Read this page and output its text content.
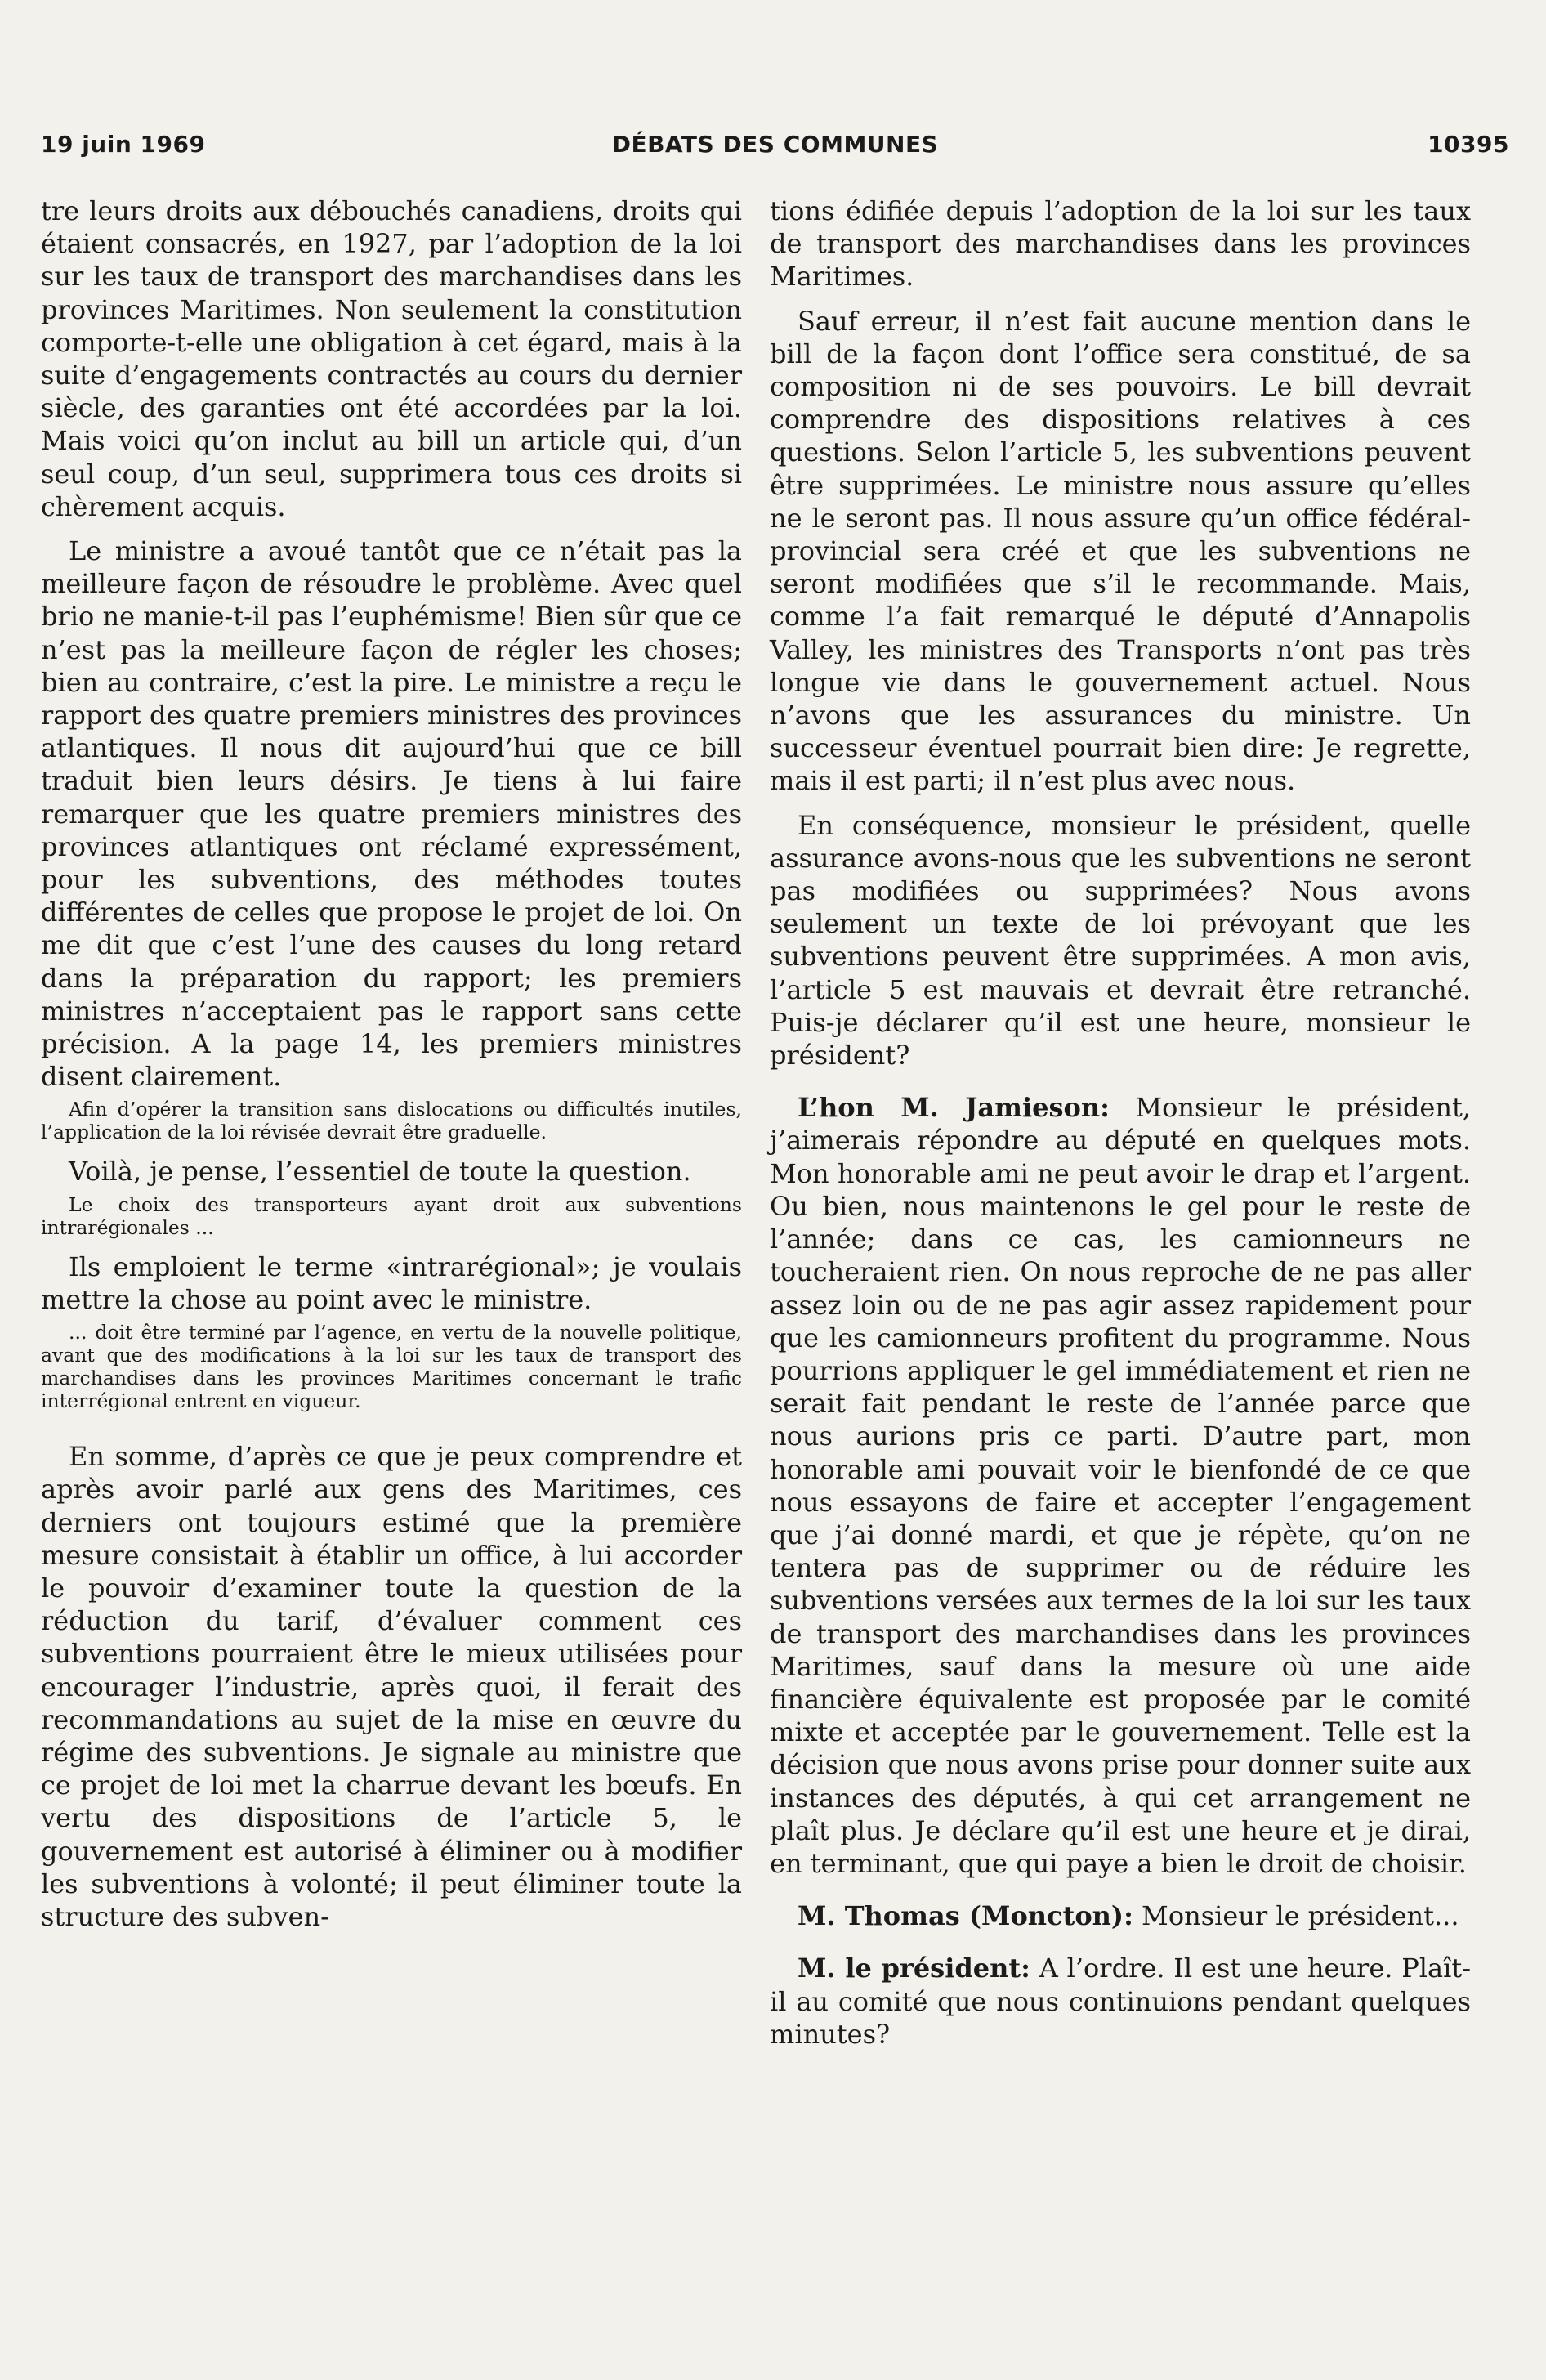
19 juin 1969	DÉBATS DES COMMUNES	10395

tre leurs droits aux débouchés canadiens, droits qui étaient consacrés, en 1927, par l’adoption de la loi sur les taux de transport des marchandises dans les provinces Maritimes. Non seulement la constitution comporte-t-elle une obligation à cet égard, mais à la suite d’engagements contractés au cours du dernier siècle, des garanties ont été accordées par la loi. Mais voici qu’on inclut au bill un article qui, d’un seul coup, d’un seul, supprimera tous ces droits si chèrement acquis.

Le ministre a avoué tantôt que ce n’était pas la meilleure façon de résoudre le problème. Avec quel brio ne manie-t-il pas l’euphémisme! Bien sûr que ce n’est pas la meilleure façon de régler les choses; bien au contraire, c’est la pire. Le ministre a reçu le rapport des quatre premiers ministres des provinces atlantiques. Il nous dit aujourd’hui que ce bill traduit bien leurs désirs. Je tiens à lui faire remarquer que les quatre premiers ministres des provinces atlantiques ont réclamé expressément, pour les subventions, des méthodes toutes différentes de celles que propose le projet de loi. On me dit que c’est l’une des causes du long retard dans la préparation du rapport; les premiers ministres n’acceptaient pas le rapport sans cette précision. A la page 14, les premiers ministres disent clairement.

Afin d’opérer la transition sans dislocations ou difficultés inutiles, l’application de la loi révisée devrait être graduelle.

Voilà, je pense, l’essentiel de toute la question.

Le choix des transporteurs ayant droit aux subventions intrarégionales ...

Ils emploient le terme «intrarégional»; je voulais mettre la chose au point avec le ministre.

... doit être terminé par l’agence, en vertu de la nouvelle politique, avant que des modifications à la loi sur les taux de transport des marchandises dans les provinces Maritimes concernant le trafic interrégional entrent en vigueur.

En somme, d’après ce que je peux comprendre et après avoir parlé aux gens des Maritimes, ces derniers ont toujours estimé que la première mesure consistait à établir un office, à lui accorder le pouvoir d’examiner toute la question de la réduction du tarif, d’évaluer comment ces subventions pourraient être le mieux utilisées pour encourager l’industrie, après quoi, il ferait des recommandations au sujet de la mise en œuvre du régime des subventions. Je signale au ministre que ce projet de loi met la charrue devant les bœufs. En vertu des dispositions de l’article 5, le gouvernement est autorisé à éliminer ou à modifier les subventions à volonté; il peut éliminer toute la structure des subven-

tions édifiée depuis l’adoption de la loi sur les taux de transport des marchandises dans les provinces Maritimes.

Sauf erreur, il n’est fait aucune mention dans le bill de la façon dont l’office sera constitué, de sa composition ni de ses pouvoirs. Le bill devrait comprendre des dispositions relatives à ces questions. Selon l’article 5, les subventions peuvent être supprimées. Le ministre nous assure qu’elles ne le seront pas. Il nous assure qu’un office fédéral-provincial sera créé et que les subventions ne seront modifiées que s’il le recommande. Mais, comme l’a fait remarqué le député d’Annapolis Valley, les ministres des Transports n’ont pas très longue vie dans le gouvernement actuel. Nous n’avons que les assurances du ministre. Un successeur éventuel pourrait bien dire: Je regrette, mais il est parti; il n’est plus avec nous.

En conséquence, monsieur le président, quelle assurance avons-nous que les subventions ne seront pas modifiées ou supprimées? Nous avons seulement un texte de loi prévoyant que les subventions peuvent être supprimées. A mon avis, l’article 5 est mauvais et devrait être retranché. Puis-je déclarer qu’il est une heure, monsieur le président?

L’hon M. Jamieson: Monsieur le président, j’aimerais répondre au député en quelques mots. Mon honorable ami ne peut avoir le drap et l’argent. Ou bien, nous maintenons le gel pour le reste de l’année; dans ce cas, les camionneurs ne toucheraient rien. On nous reproche de ne pas aller assez loin ou de ne pas agir assez rapidement pour que les camionneurs profitent du programme. Nous pourrions appliquer le gel immédiatement et rien ne serait fait pendant le reste de l’année parce que nous aurions pris ce parti. D’autre part, mon honorable ami pouvait voir le bienfondé de ce que nous essayons de faire et accepter l’engagement que j’ai donné mardi, et que je répète, qu’on ne tentera pas de supprimer ou de réduire les subventions versées aux termes de la loi sur les taux de transport des marchandises dans les provinces Maritimes, sauf dans la mesure où une aide financière équivalente est proposée par le comité mixte et acceptée par le gouvernement. Telle est la décision que nous avons prise pour donner suite aux instances des députés, à qui cet arrangement ne plaît plus. Je déclare qu’il est une heure et je dirai, en terminant, que qui paye a bien le droit de choisir.

M. Thomas (Moncton): Monsieur le président...

M. le président: A l’ordre. Il est une heure. Plaît-il au comité que nous continuions pendant quelques minutes?
